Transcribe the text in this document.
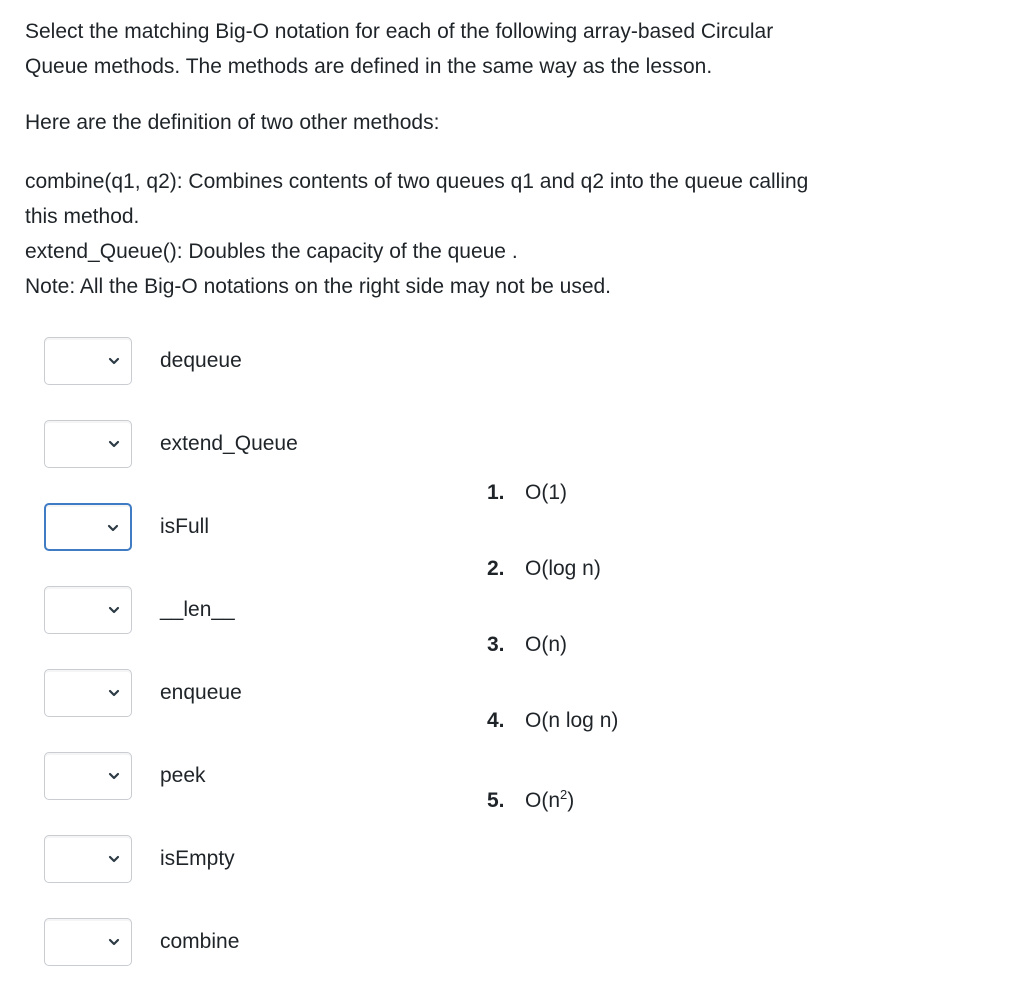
Select the matching Big-O notation for each of the following array-based Circular

Queue methods. The methods are defined in the same way as the lesson.

Here are the definition of two other methods:

combine(q1, q2): Combines contents of two queues q1 and q2 into the queue calling

this method.

extend_Queue(): Doubles the capacity of the queue .

Note: All the Big-O notations on the right side may not be used.

dequeue
extend_Queue
isFull
__len__
enqueue
peek
isEmpty
combine
1. O(1)
2. O(log n)
3. O(n)
4. O(n log n)
5. $O(n^2)$
